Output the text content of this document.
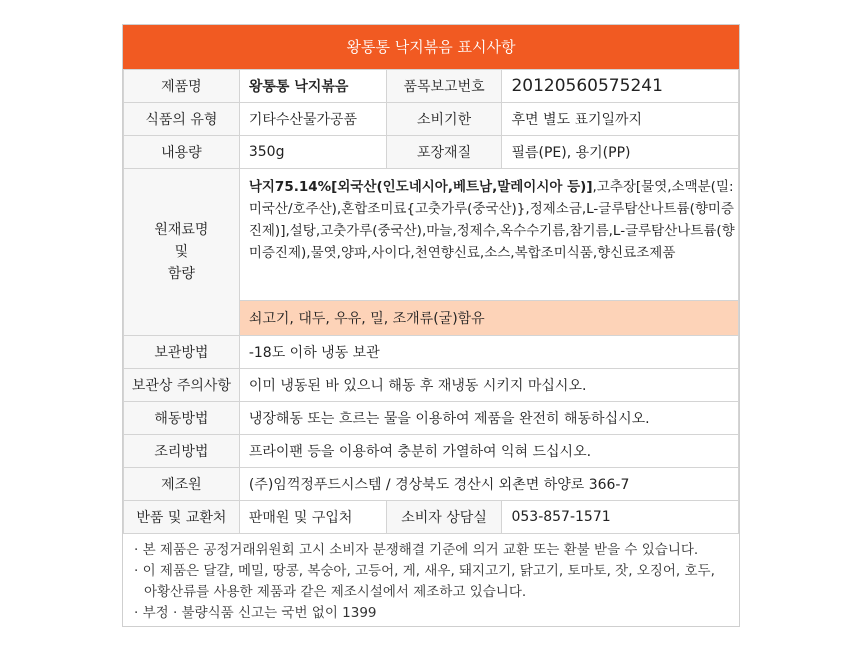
왕통통 낙지볶음 표시사항
제품명	왕통통 낙지볶음	품목보고번호	20120560575241
식품의 유형	기타수산물가공품	소비기한	후면 별도 표기일까지
내용량	350g	포장재질	필름(PE), 용기(PP)

원재료명
및
함량	낙지75.14%[외국산(인도네시아,베트남,말레이시아 등)],고추장[물엿,소맥분(밀:미국산/호주산),혼합조미료{고춧가루(중국산)},정제소금,L-글루탐산나트륨(향미증진제)],설탕,고춧가루(중국산),마늘,정제수,옥수수기름,참기름,L-글루탐산나트륨(향미증진제),물엿,양파,사이다,천연향신료,소스,복합조미식품,향신료조제품		
	쇠고기, 대두, 우유, 밀, 조개류(굴)함유		
보관방법	-18도 이하 냉동 보관		
보관상 주의사항	이미 냉동된 바 있으니 해동 후 재냉동 시키지 마십시오.		
해동방법	냉장해동 또는 흐르는 물을 이용하여 제품을 완전히 해동하십시오.		
조리방법	프라이팬 등을 이용하여 충분히 가열하여 익혀 드십시오.		
제조원	(주)임꺽정푸드시스템 / 경상북도 경산시 외촌면 하양로 366-7		
반품 및 교환처	판매원 및 구입처	소비자 상담실	053-857-1571
· 본 제품은 공정거래위원회 고시 소비자 분쟁해결 기준에 의거 교환 또는 환불 받을 수 있습니다.
· 이 제품은 달걀, 메밀, 땅콩, 복숭아, 고등어, 게, 새우, 돼지고기, 닭고기, 토마토, 잣, 오징어, 호두,
아황산류를 사용한 제품과 같은 제조시설에서 제조하고 있습니다.
· 부정 · 불량식품 신고는 국번 없이 1399
